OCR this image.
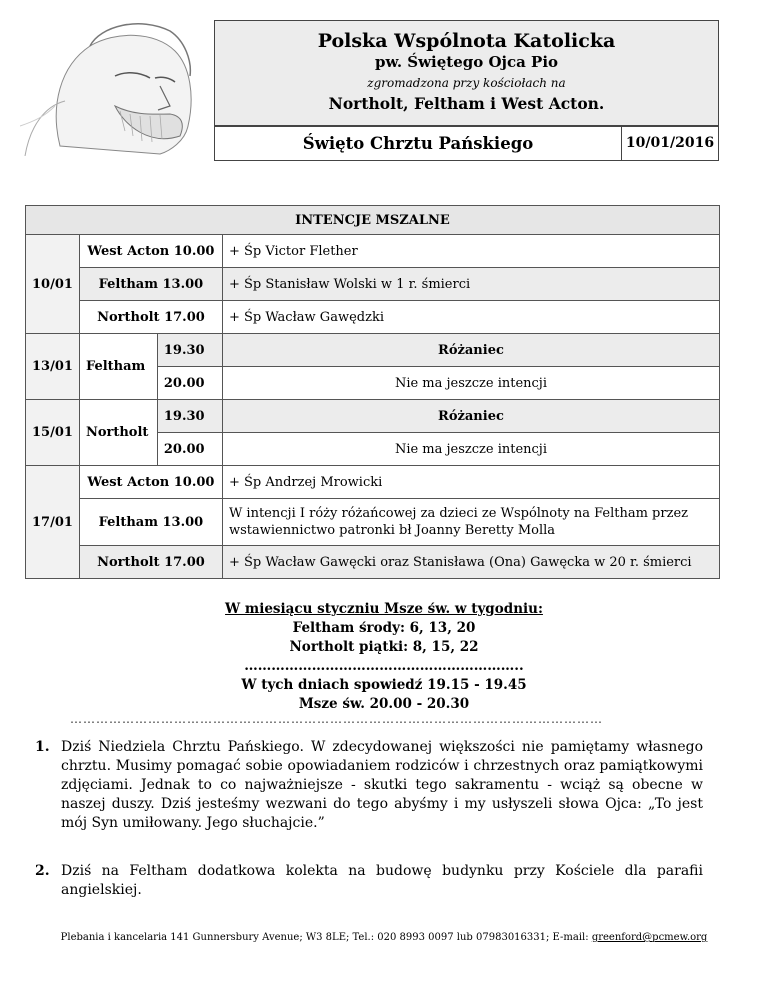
Polska Wspólnota Katolicka
pw. Świętego Ojca Pio
zgromadzona przy kościołach na
Northolt, Feltham i West Acton.
Święto Chrztu Pańskiego	10/01/2016
INTENCJE MSZALNE			
10/01	West Acton 10.00		+ Śp Victor Flether
	Feltham 13.00		+ Śp Stanisław Wolski w 1 r. śmierci
	Northolt 17.00		+ Śp Wacław Gawędzki
13/01	Feltham	19.30	Różaniec
		20.00	Nie ma jeszcze intencji
15/01	Northolt	19.30	Różaniec
		20.00	Nie ma jeszcze intencji
17/01	West Acton 10.00		+ Śp Andrzej Mrowicki
	Feltham 13.00		W intencji I róży różańcowej za dzieci ze Wspólnoty na Feltham przez wstawiennictwo patronki bł Joanny Beretty Molla
	Northolt 17.00		+ Śp Wacław Gawęcki oraz Stanisława (Ona) Gawęcka w 20 r. śmierci
W miesiącu styczniu Msze św. w tygodniu:
Feltham środy: 6, 13, 20
Northolt piątki: 8, 15, 22
……………………………………………………..
W tych dniach spowiedź 19.15 - 19.45
Msze św. 20.00 - 20.30
……………………………………………………………………………………………………………
1. Dziś Niedziela Chrztu Pańskiego. W zdecydowanej większości nie pamiętamy własnego chrztu. Musimy pomagać sobie opowiadaniem rodziców i chrzestnych oraz pamiątkowymi zdjęciami. Jednak to co najważniejsze - skutki tego sakramentu - wciąż są obecne w naszej duszy. Dziś jesteśmy wezwani do tego abyśmy i my usłyszeli słowa Ojca: „To jest mój Syn umiłowany. Jego słuchajcie.”
2. Dziś na Feltham dodatkowa kolekta na budowę budynku przy Kościele dla parafii angielskiej.
Plebania i kancelaria 141 Gunnersbury Avenue; W3 8LE; Tel.: 020 8993 0097 lub 07983016331; E-mail: greenford@pcmew.org
